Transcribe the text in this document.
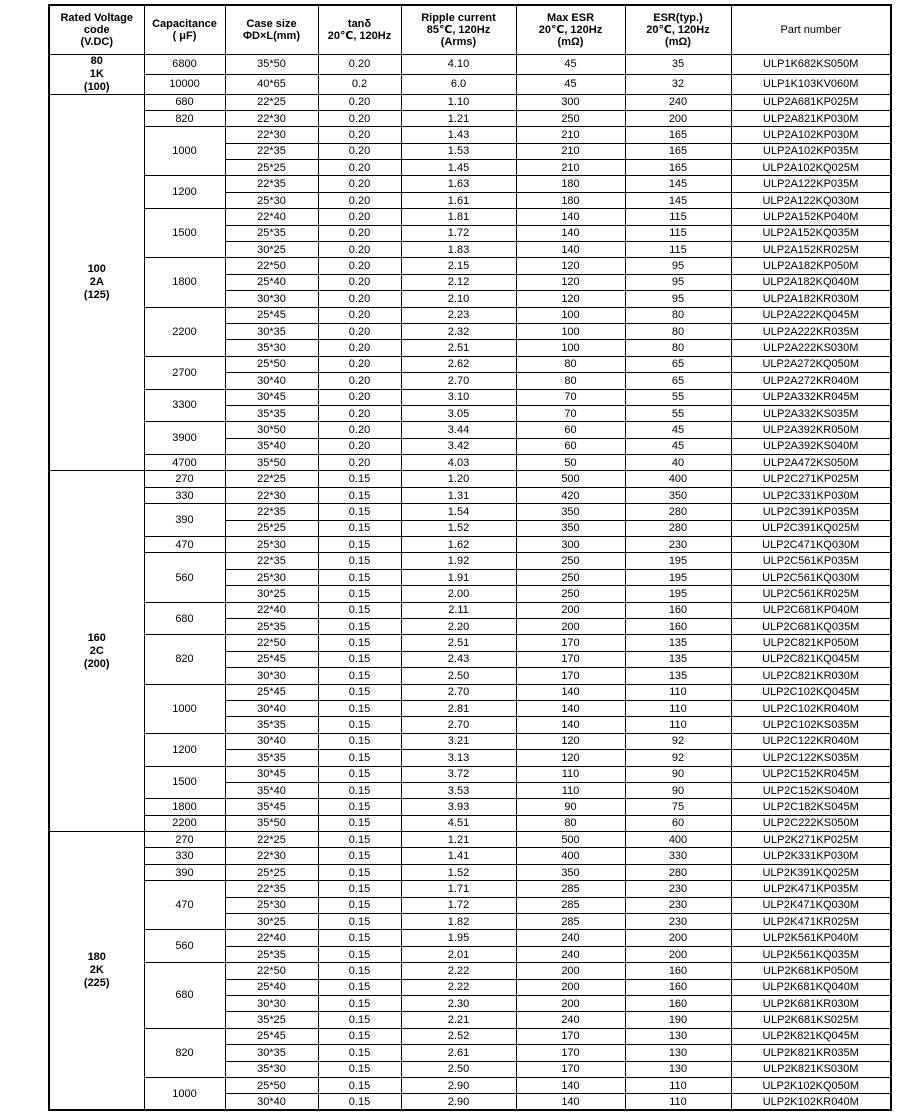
Rated Voltage
code
(V.DC)	Capacitance
( μF)	Case size
ΦD×L(mm)	tanδ
20℃, 120Hz	Ripple current
85℃, 120Hz
(Arms)	Max ESR
20℃, 120Hz
(mΩ)	ESR(typ.)
20℃, 120Hz
(mΩ)	Part number
80
1K
(100)	6800	35*50	0.20	4.10	45	35	ULP1K682KS050M
	10000	40*65	0.2	6.0	45	32	ULP1K103KV060M
100
2A
(125)	680	22*25	0.20	1.10	300	240	ULP2A681KP025M
	820	22*30	0.20	1.21	250	200	ULP2A821KP030M
	1000	22*30	0.20	1.43	210	165	ULP2A102KP030M
		22*35	0.20	1.53	210	165	ULP2A102KP035M
		25*25	0.20	1.45	210	165	ULP2A102KQ025M
	1200	22*35	0.20	1.63	180	145	ULP2A122KP035M
		25*30	0.20	1.61	180	145	ULP2A122KQ030M
	1500	22*40	0.20	1.81	140	115	ULP2A152KP040M
		25*35	0.20	1.72	140	115	ULP2A152KQ035M
		30*25	0.20	1.83	140	115	ULP2A152KR025M
	1800	22*50	0.20	2.15	120	95	ULP2A182KP050M
		25*40	0.20	2.12	120	95	ULP2A182KQ040M
		30*30	0.20	2.10	120	95	ULP2A182KR030M
	2200	25*45	0.20	2.23	100	80	ULP2A222KQ045M
		30*35	0.20	2.32	100	80	ULP2A222KR035M
		35*30	0.20	2.51	100	80	ULP2A222KS030M
	2700	25*50	0.20	2.62	80	65	ULP2A272KQ050M
		30*40	0.20	2.70	80	65	ULP2A272KR040M
	3300	30*45	0.20	3.10	70	55	ULP2A332KR045M
		35*35	0.20	3.05	70	55	ULP2A332KS035M
	3900	30*50	0.20	3.44	60	45	ULP2A392KR050M
		35*40	0.20	3.42	60	45	ULP2A392KS040M
	4700	35*50	0.20	4.03	50	40	ULP2A472KS050M
160
2C
(200)	270	22*25	0.15	1.20	500	400	ULP2C271KP025M
	330	22*30	0.15	1.31	420	350	ULP2C331KP030M
	390	22*35	0.15	1.54	350	280	ULP2C391KP035M
		25*25	0.15	1.52	350	280	ULP2C391KQ025M
	470	25*30	0.15	1.62	300	230	ULP2C471KQ030M
	560	22*35	0.15	1.92	250	195	ULP2C561KP035M
		25*30	0.15	1.91	250	195	ULP2C561KQ030M
		30*25	0.15	2.00	250	195	ULP2C561KR025M
	680	22*40	0.15	2.11	200	160	ULP2C681KP040M
		25*35	0.15	2.20	200	160	ULP2C681KQ035M
	820	22*50	0.15	2.51	170	135	ULP2C821KP050M
		25*45	0.15	2.43	170	135	ULP2C821KQ045M
		30*30	0.15	2.50	170	135	ULP2C821KR030M
	1000	25*45	0.15	2.70	140	110	ULP2C102KQ045M
		30*40	0.15	2.81	140	110	ULP2C102KR040M
		35*35	0.15	2.70	140	110	ULP2C102KS035M
	1200	30*40	0.15	3.21	120	92	ULP2C122KR040M
		35*35	0.15	3.13	120	92	ULP2C122KS035M
	1500	30*45	0.15	3.72	110	90	ULP2C152KR045M
		35*40	0.15	3.53	110	90	ULP2C152KS040M
	1800	35*45	0.15	3.93	90	75	ULP2C182KS045M
	2200	35*50	0.15	4.51	80	60	ULP2C222KS050M
180
2K
(225)	270	22*25	0.15	1.21	500	400	ULP2K271KP025M
	330	22*30	0.15	1.41	400	330	ULP2K331KP030M
	390	25*25	0.15	1.52	350	280	ULP2K391KQ025M
	470	22*35	0.15	1.71	285	230	ULP2K471KP035M
		25*30	0.15	1.72	285	230	ULP2K471KQ030M
		30*25	0.15	1.82	285	230	ULP2K471KR025M
	560	22*40	0.15	1.95	240	200	ULP2K561KP040M
		25*35	0.15	2.01	240	200	ULP2K561KQ035M
	680	22*50	0.15	2.22	200	160	ULP2K681KP050M
		25*40	0.15	2.22	200	160	ULP2K681KQ040M
		30*30	0.15	2.30	200	160	ULP2K681KR030M
		35*25	0.15	2.21	240	190	ULP2K681KS025M
	820	25*45	0.15	2.52	170	130	ULP2K821KQ045M
		30*35	0.15	2.61	170	130	ULP2K821KR035M
		35*30	0.15	2.50	170	130	ULP2K821KS030M
	1000	25*50	0.15	2.90	140	110	ULP2K102KQ050M
		30*40	0.15	2.90	140	110	ULP2K102KR040M
